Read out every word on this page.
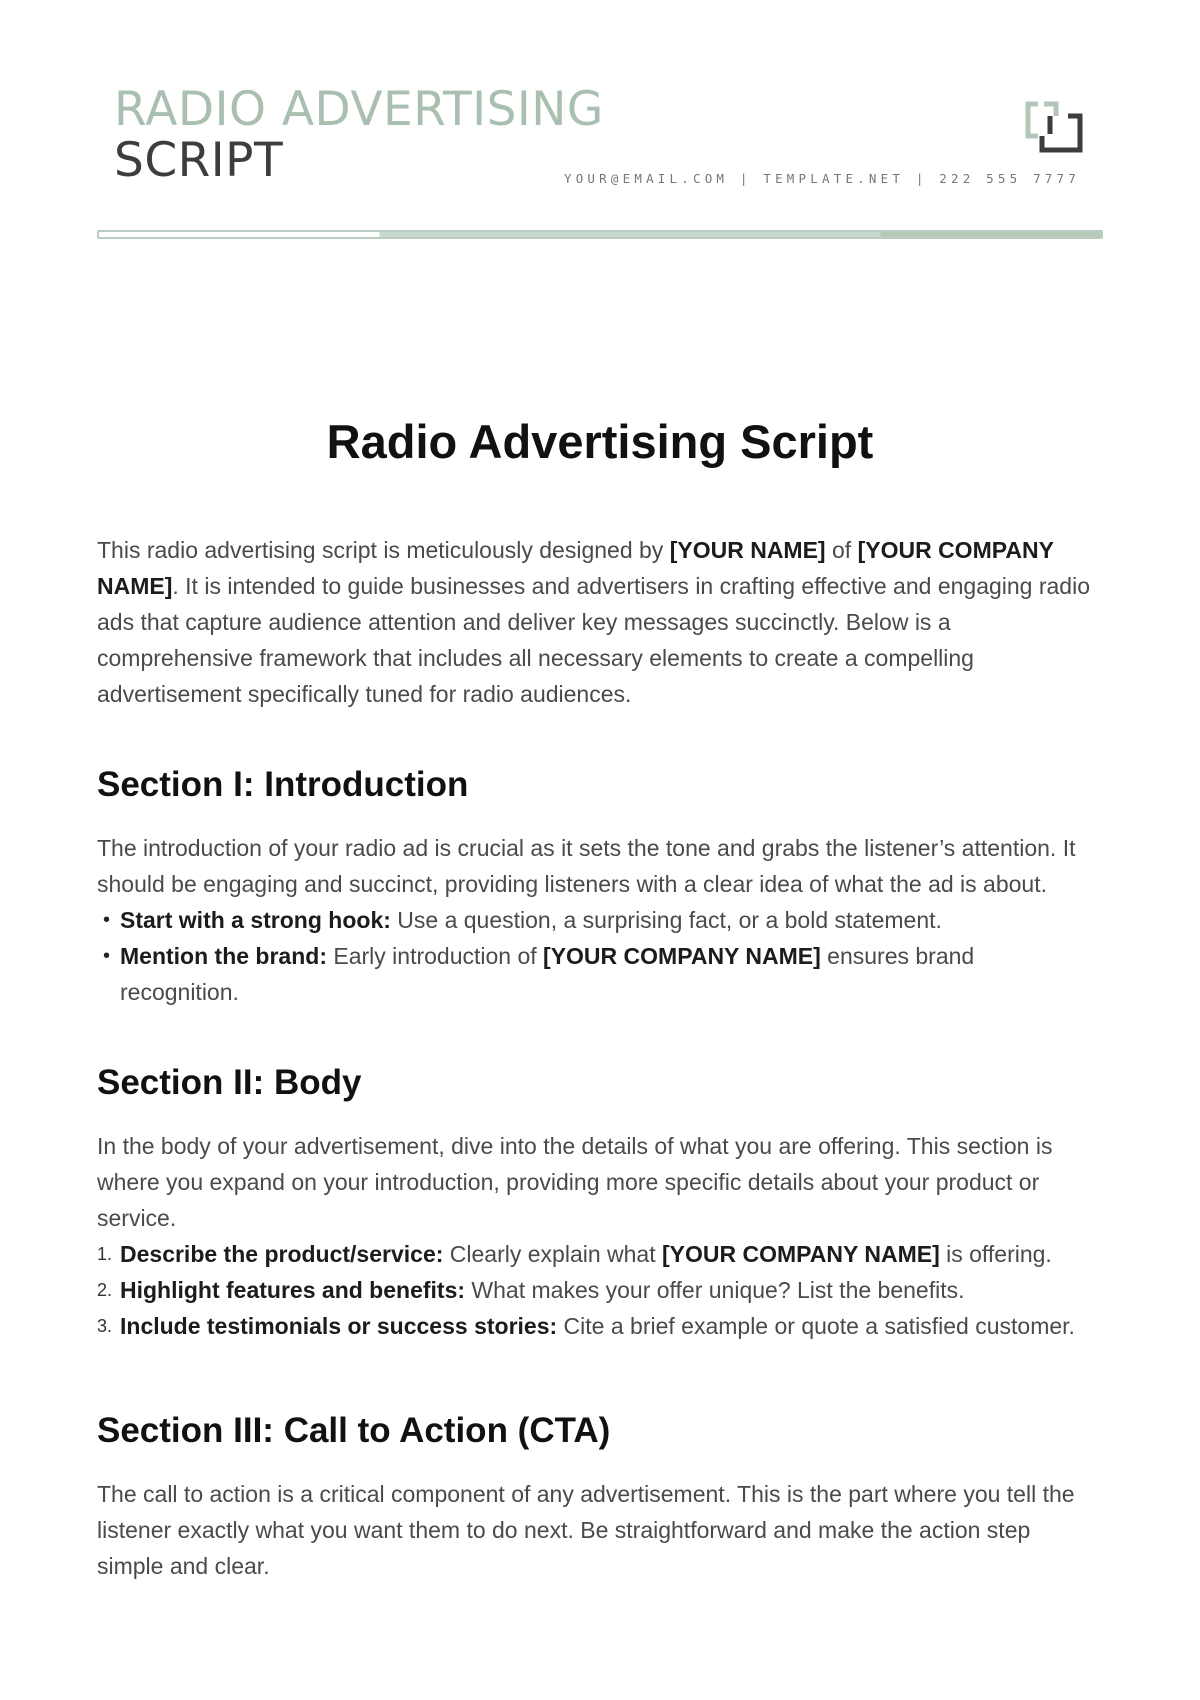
RADIO ADVERTISING
SCRIPT	YOUR@EMAIL.COM | TEMPLATE.NET | 222 555 7777
Radio Advertising Script

This radio advertising script is meticulously designed by [YOUR NAME] of [YOUR COMPANY NAME]. It is intended to guide businesses and advertisers in crafting effective and engaging radio ads that capture audience attention and deliver key messages succinctly. Below is a comprehensive framework that includes all necessary elements to create a compelling advertisement specifically tuned for radio audiences.

Section I: Introduction

The introduction of your radio ad is crucial as it sets the tone and grabs the listener’s attention. It should be engaging and succinct, providing listeners with a clear idea of what the ad is about.

• Start with a strong hook: Use a question, a surprising fact, or a bold statement.
• Mention the brand: Early introduction of [YOUR COMPANY NAME] ensures brand recognition.
Section II: Body

In the body of your advertisement, dive into the details of what you are offering. This section is where you expand on your introduction, providing more specific details about your product or service.

1. Describe the product/service: Clearly explain what [YOUR COMPANY NAME] is offering.
2. Highlight features and benefits: What makes your offer unique? List the benefits.
3. Include testimonials or success stories: Cite a brief example or quote a satisfied customer.
Section III: Call to Action (CTA)

The call to action is a critical component of any advertisement. This is the part where you tell the listener exactly what you want them to do next. Be straightforward and make the action step simple and clear.
